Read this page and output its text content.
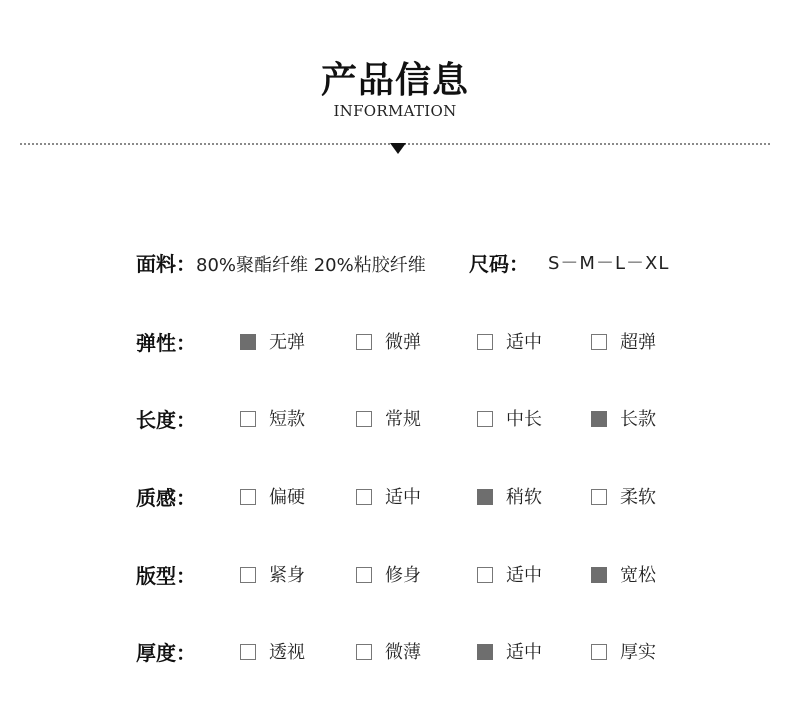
产品信息
INFORMATION
面料：80%聚酯纤维 20%粘胶纤维 尺码： S－M－L－XL
弹性：	无弹	微弹	适中	超弹
长度：	短款	常规	中长	长款
质感：	偏硬	适中	稍软	柔软
版型：	紧身	修身	适中	宽松
厚度：	透视	微薄	适中	厚实
